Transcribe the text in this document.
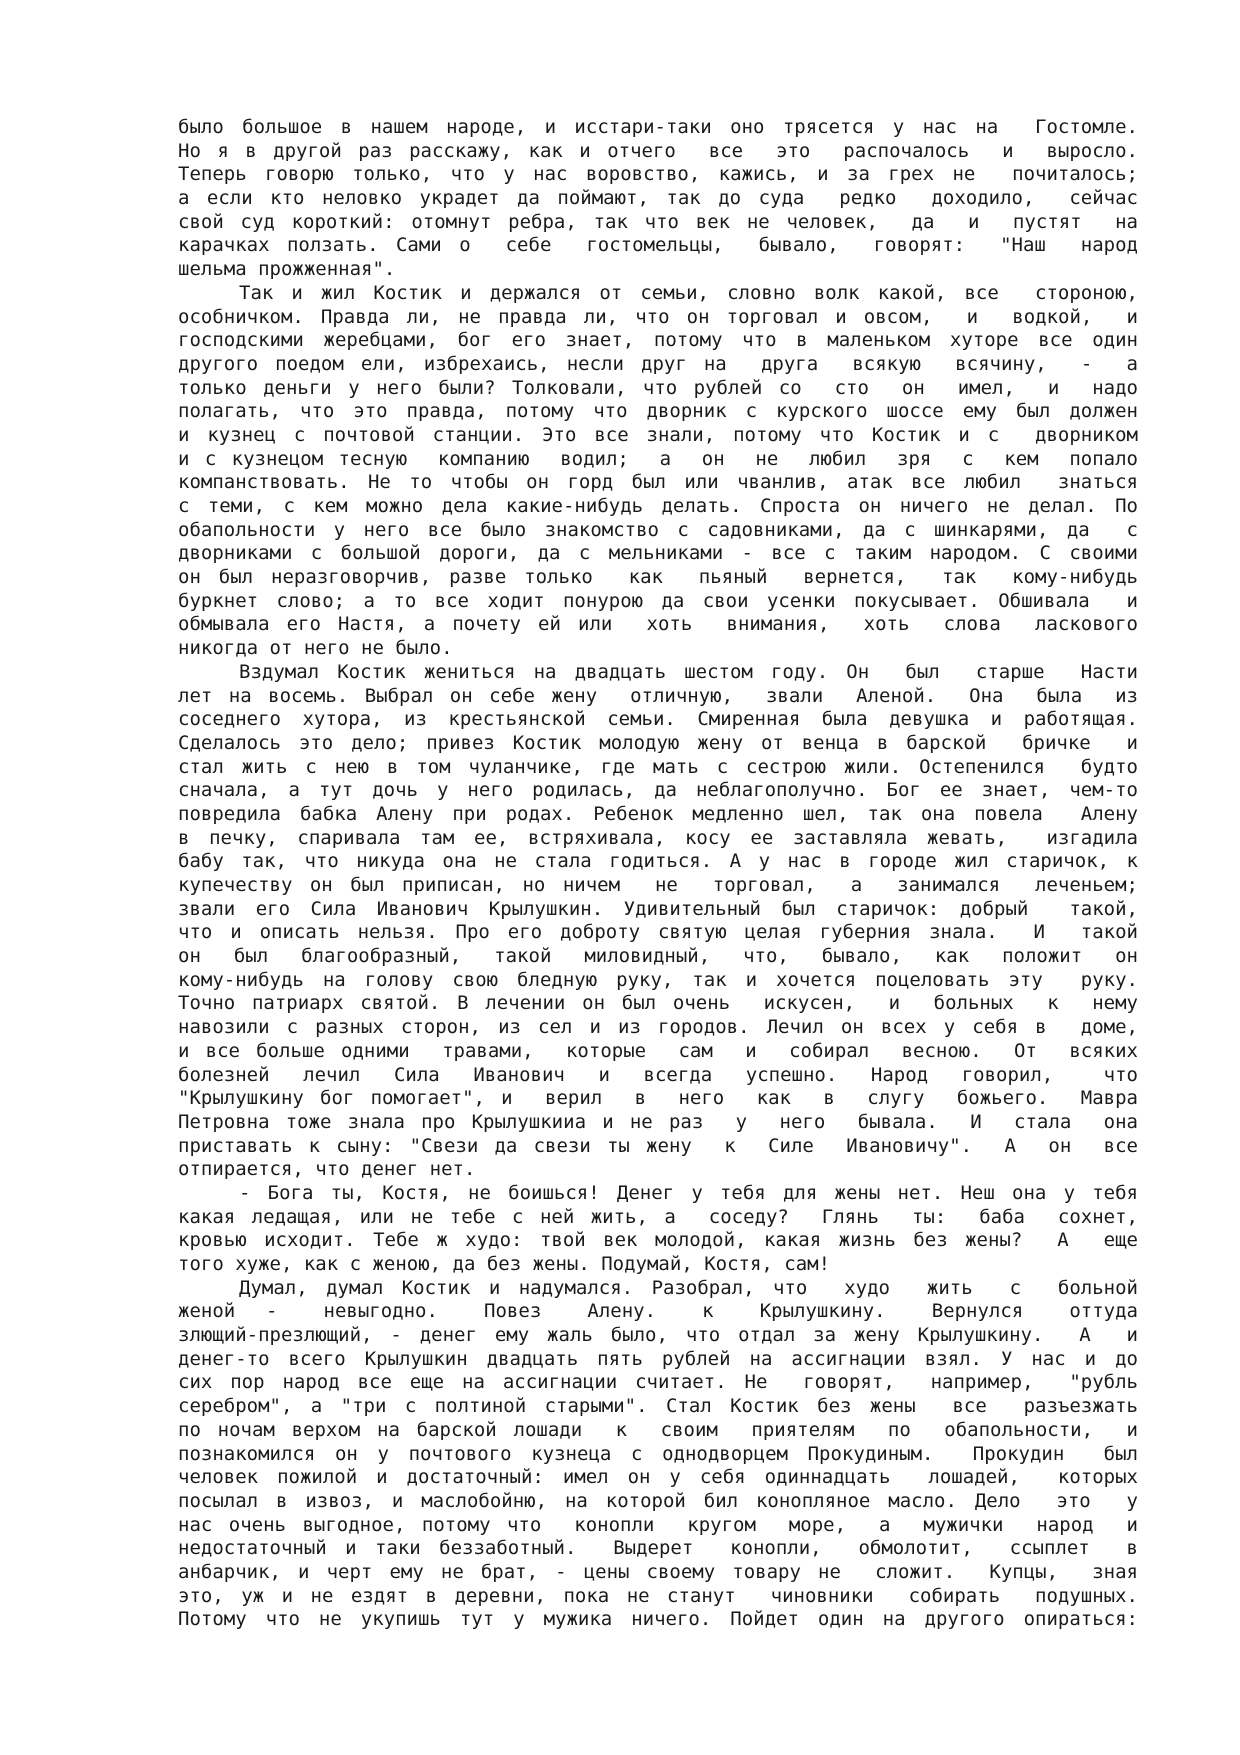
было большое в нашем народе, и исстари-таки оно трясется у нас на  Гостомле.
Но я в другой раз расскажу, как и отчего  все  это  распочалось  и  выросло.
Теперь говорю только, что у нас воровство, кажись, и за грех не  почиталось;
а если кто неловко украдет да поймают, так до суда  редко  доходило,  сейчас
свой суд короткий: отомнут ребра, так что век не человек,  да  и  пустят  на
карачках ползать. Сами о  себе  гостомельцы,  бывало,  говорят:  "Наш  народ
шельма прожженная".
Так и жил Костик и держался от семьи, словно волк какой, все  стороною,
особничком. Правда ли, не правда ли, что он торговал и овсом,  и  водкой,  и
господскими жеребцами, бог его знает, потому что в маленьком хуторе все один
другого поедом ели, избрехаись, несли друг на  друга  всякую  всячину,  -  а
только деньги у него были? Толковали, что рублей со  сто  он  имел,  и  надо
полагать, что это правда, потому что дворник с курского шоссе ему был должен
и кузнец с почтовой станции. Это все знали, потому что Костик и с  дворником
и с кузнецом тесную  компанию  водил;  а  он  не  любил  зря  с  кем  попало
компанствовать. Не то чтобы он горд был или чванлив, атак все любил  знаться
с теми, с кем можно дела какие-нибудь делать. Спроста он ничего не делал. По
обапольности у него все было знакомство с садовниками, да с шинкарями, да  с
дворниками с большой дороги, да с мельниками - все с таким народом. С своими
он был неразговорчив, разве только  как  пьяный  вернется,  так  кому-нибудь
буркнет слово; а то все ходит понурою да свои усенки покусывает. Обшивала  и
обмывала его Настя, а почету ей или  хоть  внимания,  хоть  слова  ласкового
никогда от него не было.
Вздумал Костик жениться на двадцать шестом году. Он  был  старше  Насти
лет на восемь. Выбрал он себе жену  отличную,  звали  Аленой.  Она  была  из
соседнего хутора, из крестьянской семьи. Смиренная была девушка и работящая.
Сделалось это дело; привез Костик молодую жену от венца в барской  бричке  и
стал жить с нею в том чуланчике, где мать с сестрою жили. Остепенился  будто
сначала, а тут дочь у него родилась, да неблагополучно. Бог ее знает, чем-то
повредила бабка Алену при родах. Ребенок медленно шел, так она повела  Алену
в печку, спаривала там ее, встряхивала, косу ее заставляла жевать,  изгадила
бабу так, что никуда она не стала годиться. А у нас в городе жил старичок, к
купечеству он был приписан, но ничем  не  торговал,  а  занимался  леченьем;
звали его Сила Иванович Крылушкин. Удивительный был старичок: добрый  такой,
что и описать нельзя. Про его доброту святую целая губерния знала.  И  такой
он  был  благообразный,  такой  миловидный,  что,  бывало,  как  положит  он
кому-нибудь на голову свою бледную руку, так и хочется поцеловать эту  руку.
Точно патриарх святой. В лечении он был очень  искусен,  и  больных  к  нему
навозили с разных сторон, из сел и из городов. Лечил он всех у себя в  доме,
и все больше одними  травами,  которые  сам  и  собирал  весною.  От  всяких
болезней  лечил  Сила  Иванович  и  всегда  успешно.  Народ  говорил,   что
"Крылушкину бог помогает", и  верил  в  него  как  в  слугу  божьего.  Мавра
Петровна тоже знала про Крылушкииа и не раз  у  него  бывала.  И  стала  она
приставать к сыну: "Свези да свези ты жену  к  Силе  Ивановичу".  А  он  все
отпирается, что денег нет.
- Бога ты, Костя, не боишься! Денег у тебя для жены нет. Неш она у тебя
какая ледащая, или не тебе с ней жить, а  соседу?  Глянь  ты:  баба  сохнет,
кровью исходит. Тебе ж худо: твой век молодой, какая жизнь без жены?  А  еще
того хуже, как с женою, да без жены. Подумай, Костя, сам!
Думал, думал Костик и надумался. Разобрал, что  худо  жить  с  больной
женой  -   невыгодно.   Повез   Алену.   к   Крылушкину.   Вернулся   оттуда
злющий-презлющий, - денег ему жаль было, что отдал за жену Крылушкину.  А  и
денег-то всего Крылушкин двадцать пять рублей на ассигнации взял. У нас и до
сих пор народ все еще на ассигнации считает. Не  говорят,  например,  "рубль
серебром", а "три с полтиной старыми". Стал Костик без жены  все  разъезжать
по ночам верхом на барской лошади  к  своим  приятелям  по  обапольности,  и
познакомился он у почтового кузнеца с однодворцем Прокудиным.  Прокудин  был
человек пожилой и достаточный: имел он у себя одиннадцать  лошадей,  которых
посылал в извоз, и маслобойню, на которой бил конопляное масло. Дело  это  у
нас очень выгодное, потому что  конопли  кругом  море,  а  мужички  народ  и
недостаточный и таки беззаботный.  Выдерет  конопли,  обмолотит,  ссыплет  в
анбарчик, и черт ему не брат, - цены своему товару не  сложит.  Купцы,  зная
это, уж и не ездят в деревни, пока не станут  чиновники  собирать  подушных.
Потому что не укупишь тут у мужика ничего. Пойдет один на другого опираться:
